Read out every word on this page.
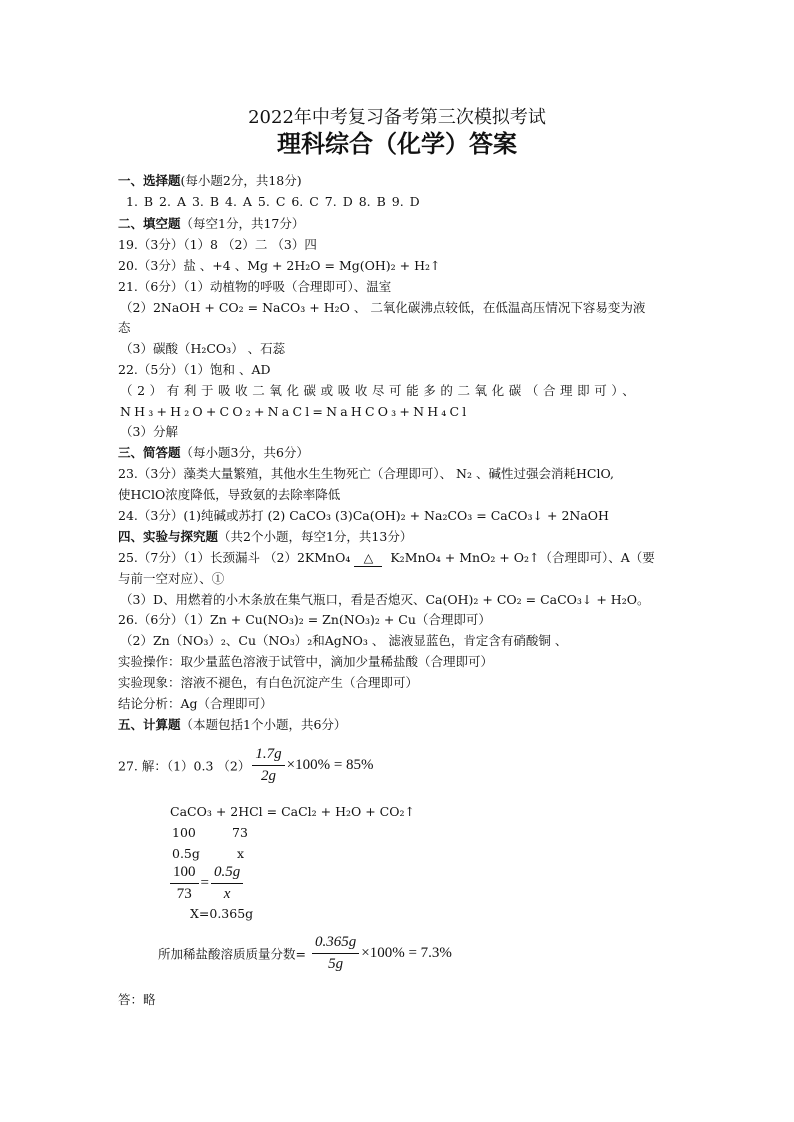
2022年中考复习备考第三次模拟考试
理科综合（化学）答案
一、选择题(每小题2分，共18分)
1. B 2. A 3. B 4. A 5. C 6. C 7. D 8. B 9. D
二、填空题（每空1分，共17分）
19.（3分）（1）8 （2）二 （3）四
20.（3分）盐 、+4 、Mg + 2H₂O = Mg(OH)₂ + H₂↑
21.（6分）（1）动植物的呼吸（合理即可）、温室
（2）2NaOH + CO₂ = NaCO₃ + H₂O 、 二氧化碳沸点较低，在低温高压情况下容易变为液
态
（3）碳酸（H₂CO₃） 、石蕊
22.（5分）（1）饱和 、AD
（2）有利于吸收二氧化碳或吸收尽可能多的二氧化碳（合理即可）、
NH₃+H₂O+CO₂+NaCl=NaHCO₃+NH₄Cl
（3）分解
三、简答题（每小题3分，共6分）
23.（3分）藻类大量繁殖，其他水生生物死亡（合理即可）、 N₂ 、碱性过强会消耗HClO,
使HClO浓度降低，导致氨的去除率降低
24.（3分）(1)纯碱或苏打 (2) CaCO₃ (3)Ca(OH)₂ + Na₂CO₃ = CaCO₃↓ + 2NaOH
四、实验与探究题（共2个小题，每空1分，共13分）
25.（7分）（1）长颈漏斗 （2）2KMnO₄ △ K₂MnO₄ + MnO₂ + O₂↑（合理即可）、A（要
与前一空对应）、①
（3）D、用燃着的小木条放在集气瓶口，看是否熄灭、Ca(OH)₂ + CO₂ = CaCO₃↓ + H₂O。
26.（6分）（1）Zn + Cu(NO₃)₂ = Zn(NO₃)₂ + Cu（合理即可）
（2）Zn（NO₃）₂、Cu（NO₃）₂和AgNO₃ 、 滤液显蓝色，肯定含有硝酸铜 、
实验操作：取少量蓝色溶液于试管中，滴加少量稀盐酸（合理即可）
实验现象：溶液不褪色，有白色沉淀产生（合理即可）
结论分析：Ag（合理即可）
五、计算题（本题包括1个小题，共6分）
27. 解：（1）0.3 $(2) \frac{1.7g}{2g} \times 100\% = 85\%$
CaCO₃ + 2HCl = CaCl₂ + H₂O + CO₂↑
100	73
0.5g	x
$\frac{100}{73} = \frac{0.5g}{x}$
X=0.365g
所加稀盐酸溶质质量分数= $\frac{0.365g}{5g} \times 100\% = 7.3\%$
答：略
